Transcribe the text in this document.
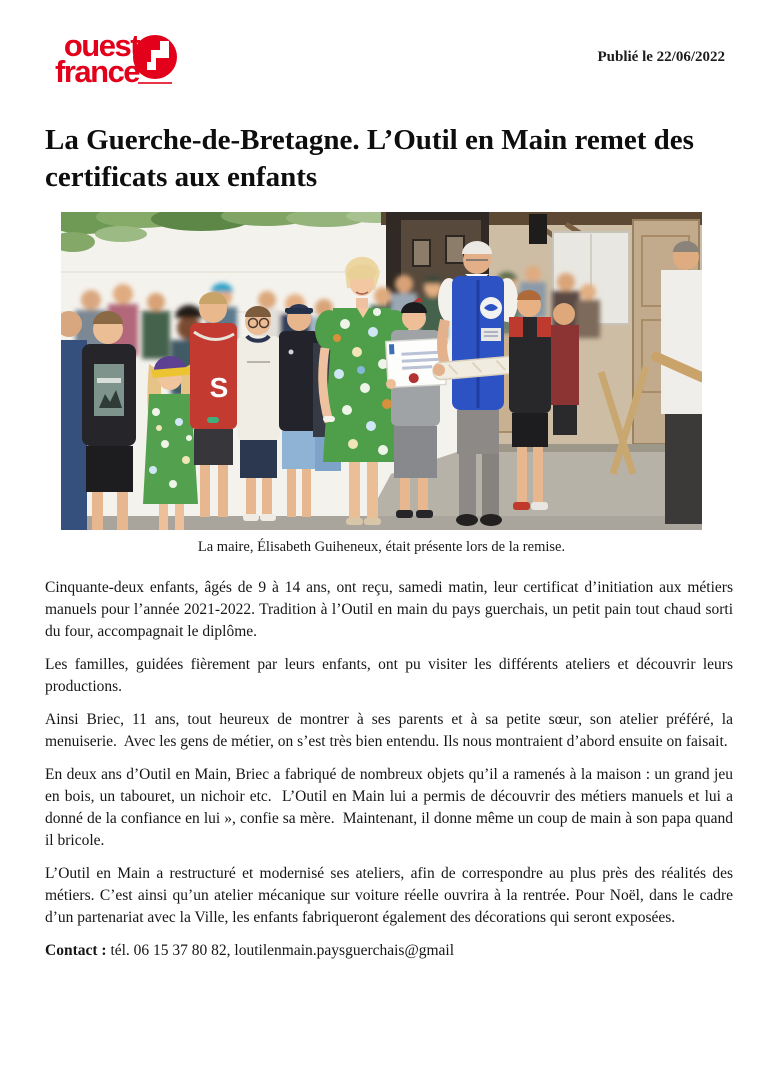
ouest
france	Publié le 22/06/2022
La Guerche-de-Bretagne. L’Outil en Main remet des certificats aux enfants
S
La maire, Élisabeth Guiheneux, était présente lors de la remise.

Cinquante-deux enfants, âgés de 9 à 14 ans, ont reçu, samedi matin, leur certificat d’initiation aux métiers manuels pour l’année 2021-2022. Tradition à l’Outil en main du pays guerchais, un petit pain tout chaud sorti du four, accompagnait le diplôme.

Les familles, guidées fièrement par leurs enfants, ont pu visiter les différents ateliers et découvrir leurs productions.

Ainsi Briec, 11 ans, tout heureux de montrer à ses parents et à sa petite sœur, son atelier préféré, la menuiserie.  Avec les gens de métier, on s’est très bien entendu. Ils nous montraient d’abord ensuite on faisait.

En deux ans d’Outil en Main, Briec a fabriqué de nombreux objets qu’il a ramenés à la maison : un grand jeu en bois, un tabouret, un nichoir etc.  L’Outil en Main lui a permis de découvrir des métiers manuels et lui a donné de la confiance en lui », confie sa mère.  Maintenant, il donne même un coup de main à son papa quand il bricole.

L’Outil en Main a restructuré et modernisé ses ateliers, afin de correspondre au plus près des réalités des métiers. C’est ainsi qu’un atelier mécanique sur voiture réelle ouvrira à la rentrée. Pour Noël, dans le cadre d’un partenariat avec la Ville, les enfants fabriqueront également des décorations qui seront exposées.

Contact : tél. 06 15 37 80 82, loutilenmain.paysguerchais@gmail
